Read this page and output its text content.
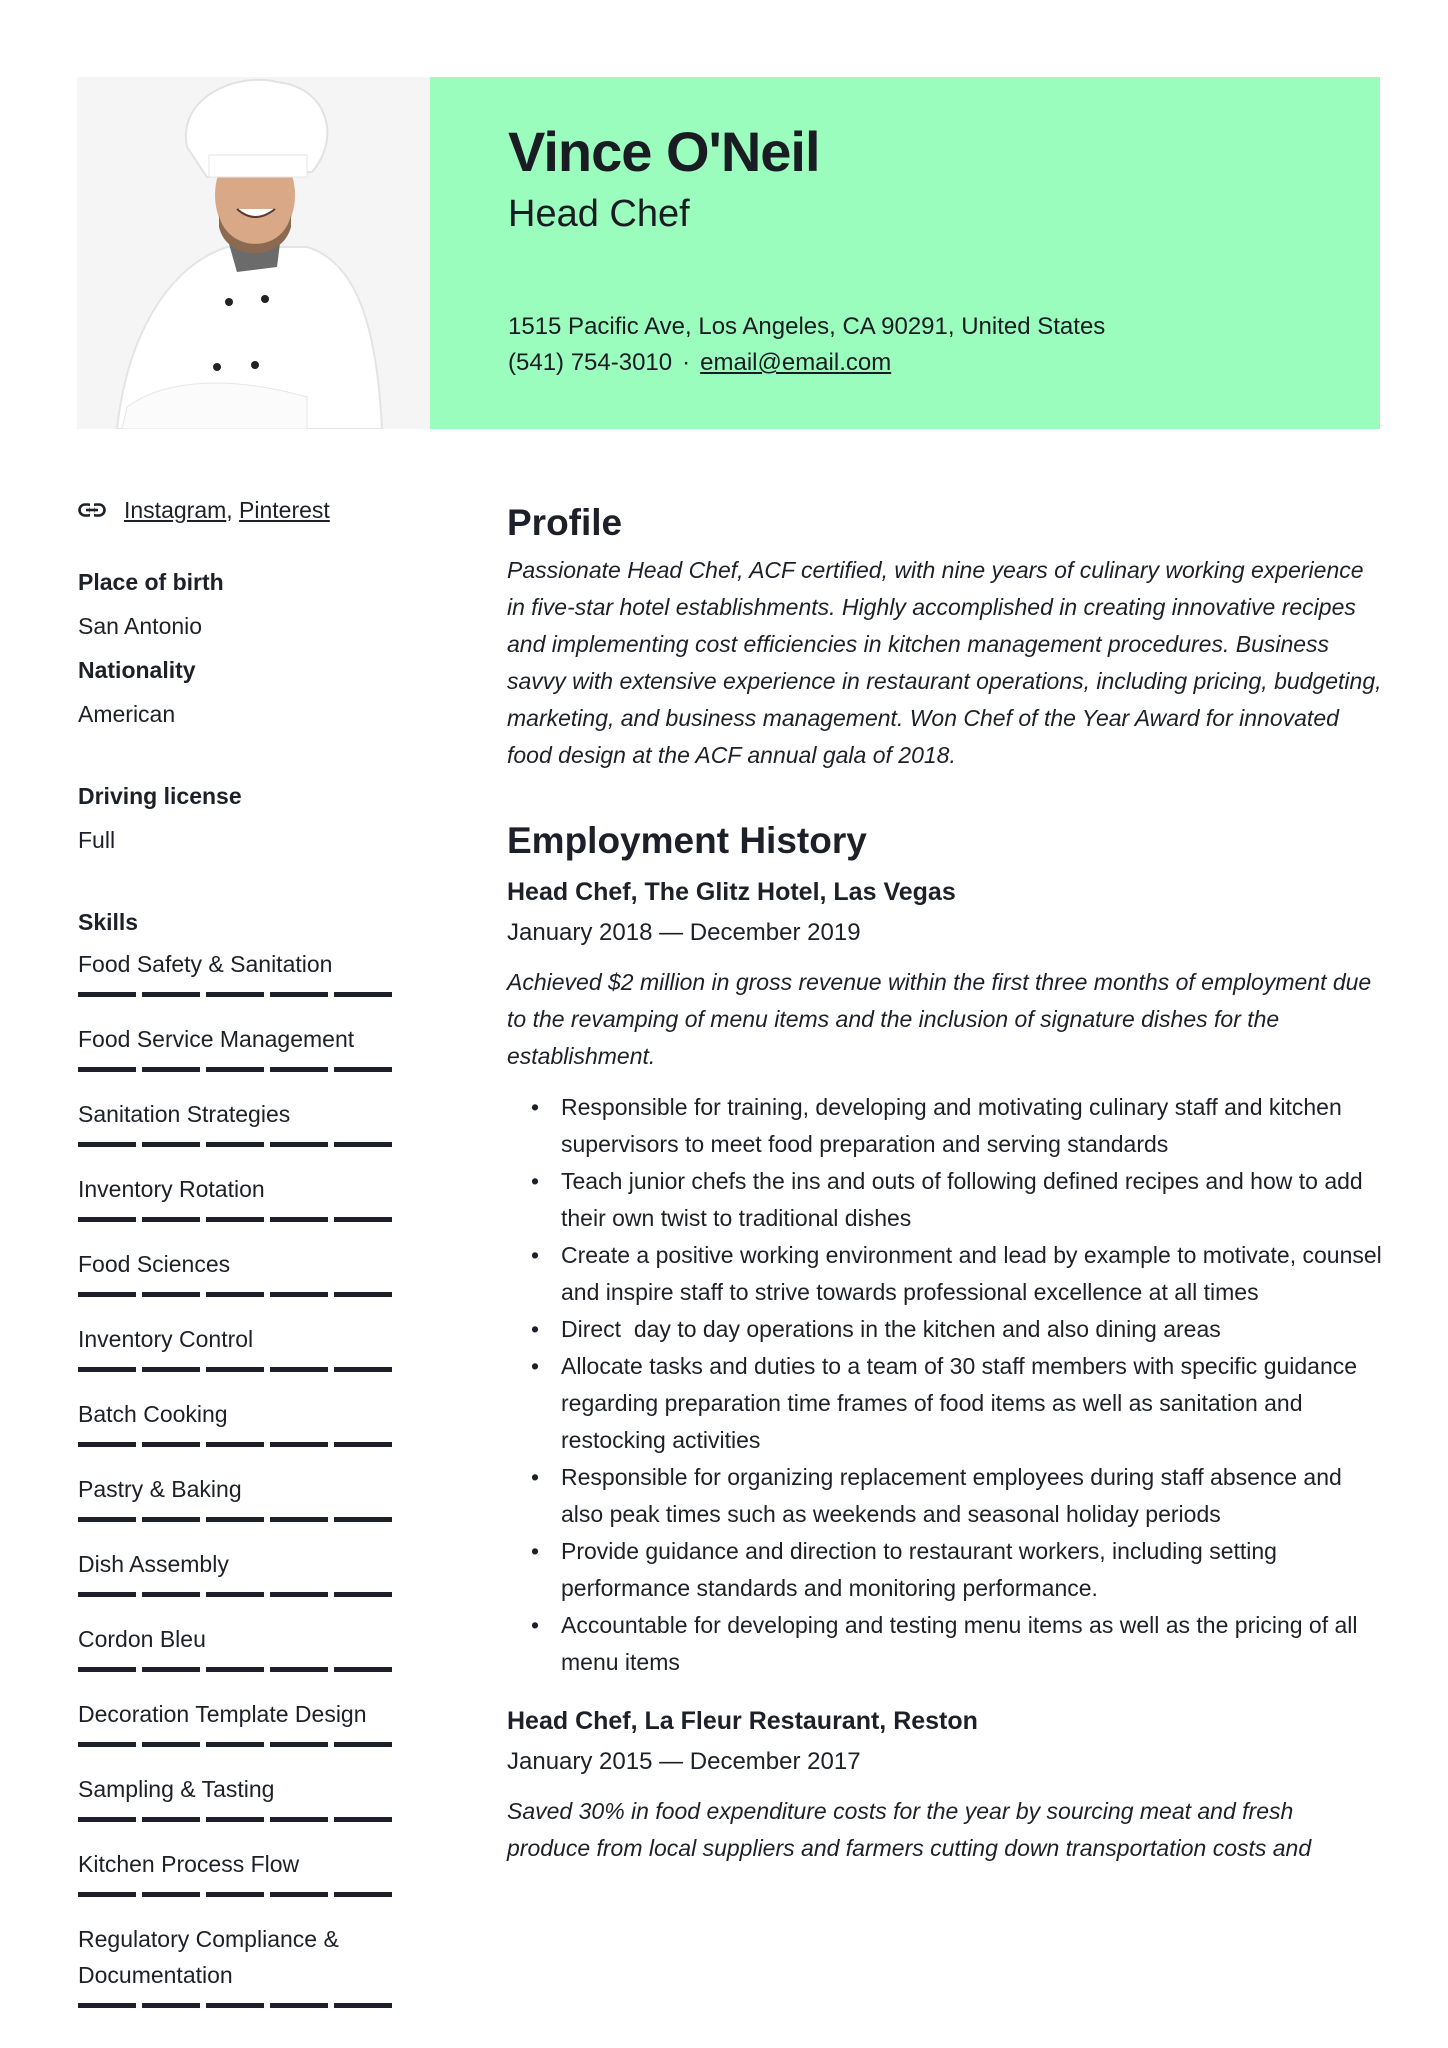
Vince O'Neil
Head Chef
1515 Pacific Ave, Los Angeles, CA 90291, United States
(541) 754-3010 · email@email.com
Instagram , Pinterest
Place of birth
San Antonio
Nationality
American
Driving license
Full
Skills
Food Safety & Sanitation
Food Service Management
Sanitation Strategies
Inventory Rotation
Food Sciences
Inventory Control
Batch Cooking
Pastry & Baking
Dish Assembly
Cordon Bleu
Decoration Template Design
Sampling & Tasting
Kitchen Process Flow
Regulatory Compliance & Documentation
Profile

Passionate Head Chef, ACF certified, with nine years of culinary working experience in five-star hotel establishments. Highly accomplished in creating innovative recipes and implementing cost efficiencies in kitchen management procedures. Business savvy with extensive experience in restaurant operations, including pricing, budgeting, marketing, and business management. Won Chef of the Year Award for innovated food design at the ACF annual gala of 2018.

Employment History
Head Chef, The Glitz Hotel, Las Vegas
January 2018 — December 2019

Achieved $2 million in gross revenue within the first three months of employment due to the revamping of menu items and the inclusion of signature dishes for the establishment.

• Responsible for training, developing and motivating culinary staff and kitchen supervisors to meet food preparation and serving standards
• Teach junior chefs the ins and outs of following defined recipes and how to add their own twist to traditional dishes
• Create a positive working environment and lead by example to motivate, counsel and inspire staff to strive towards professional excellence at all times
• Direct  day to day operations in the kitchen and also dining areas
• Allocate tasks and duties to a team of 30 staff members with specific guidance regarding preparation time frames of food items as well as sanitation and restocking activities
• Responsible for organizing replacement employees during staff absence and also peak times such as weekends and seasonal holiday periods
• Provide guidance and direction to restaurant workers, including setting performance standards and monitoring performance.
• Accountable for developing and testing menu items as well as the pricing of all menu items
Head Chef, La Fleur Restaurant, Reston
January 2015 — December 2017

Saved 30% in food expenditure costs for the year by sourcing meat and fresh produce from local suppliers and farmers cutting down transportation costs and
